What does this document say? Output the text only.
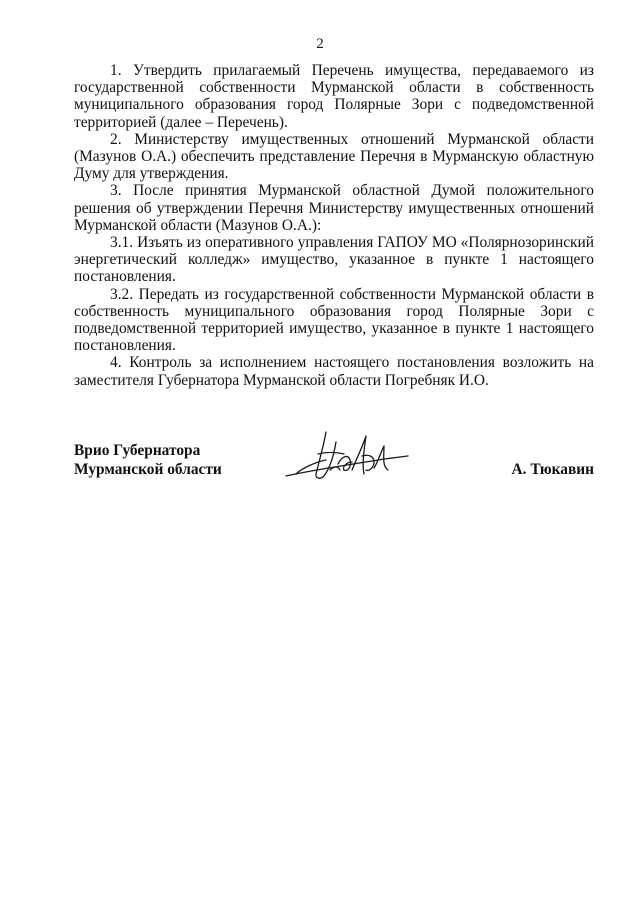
2

1. Утвердить прилагаемый Перечень имущества, передаваемого из государственной собственности Мурманской области в собственность муниципального образования город Полярные Зори с подведомственной территорией (далее – Перечень).

2. Министерству имущественных отношений Мурманской области (Мазунов О.А.) обеспечить представление Перечня в Мурманскую областную Думу для утверждения.

3. После принятия Мурманской областной Думой положительного решения об утверждении Перечня Министерству имущественных отношений Мурманской области (Мазунов О.А.):

3.1. Изъять из оперативного управления ГАПОУ МО «Полярнозоринский энергетический колледж» имущество, указанное в пункте 1 настоящего постановления.

3.2. Передать из государственной собственности Мурманской области в собственность муниципального образования город Полярные Зори с подведомственной территорией имущество, указанное в пункте 1 настоящего постановления.

4. Контроль за исполнением настоящего постановления возложить на заместителя Губернатора Мурманской области Погребняк И.О.

Врио Губернатора
Мурманской области	А. Тюкавин
